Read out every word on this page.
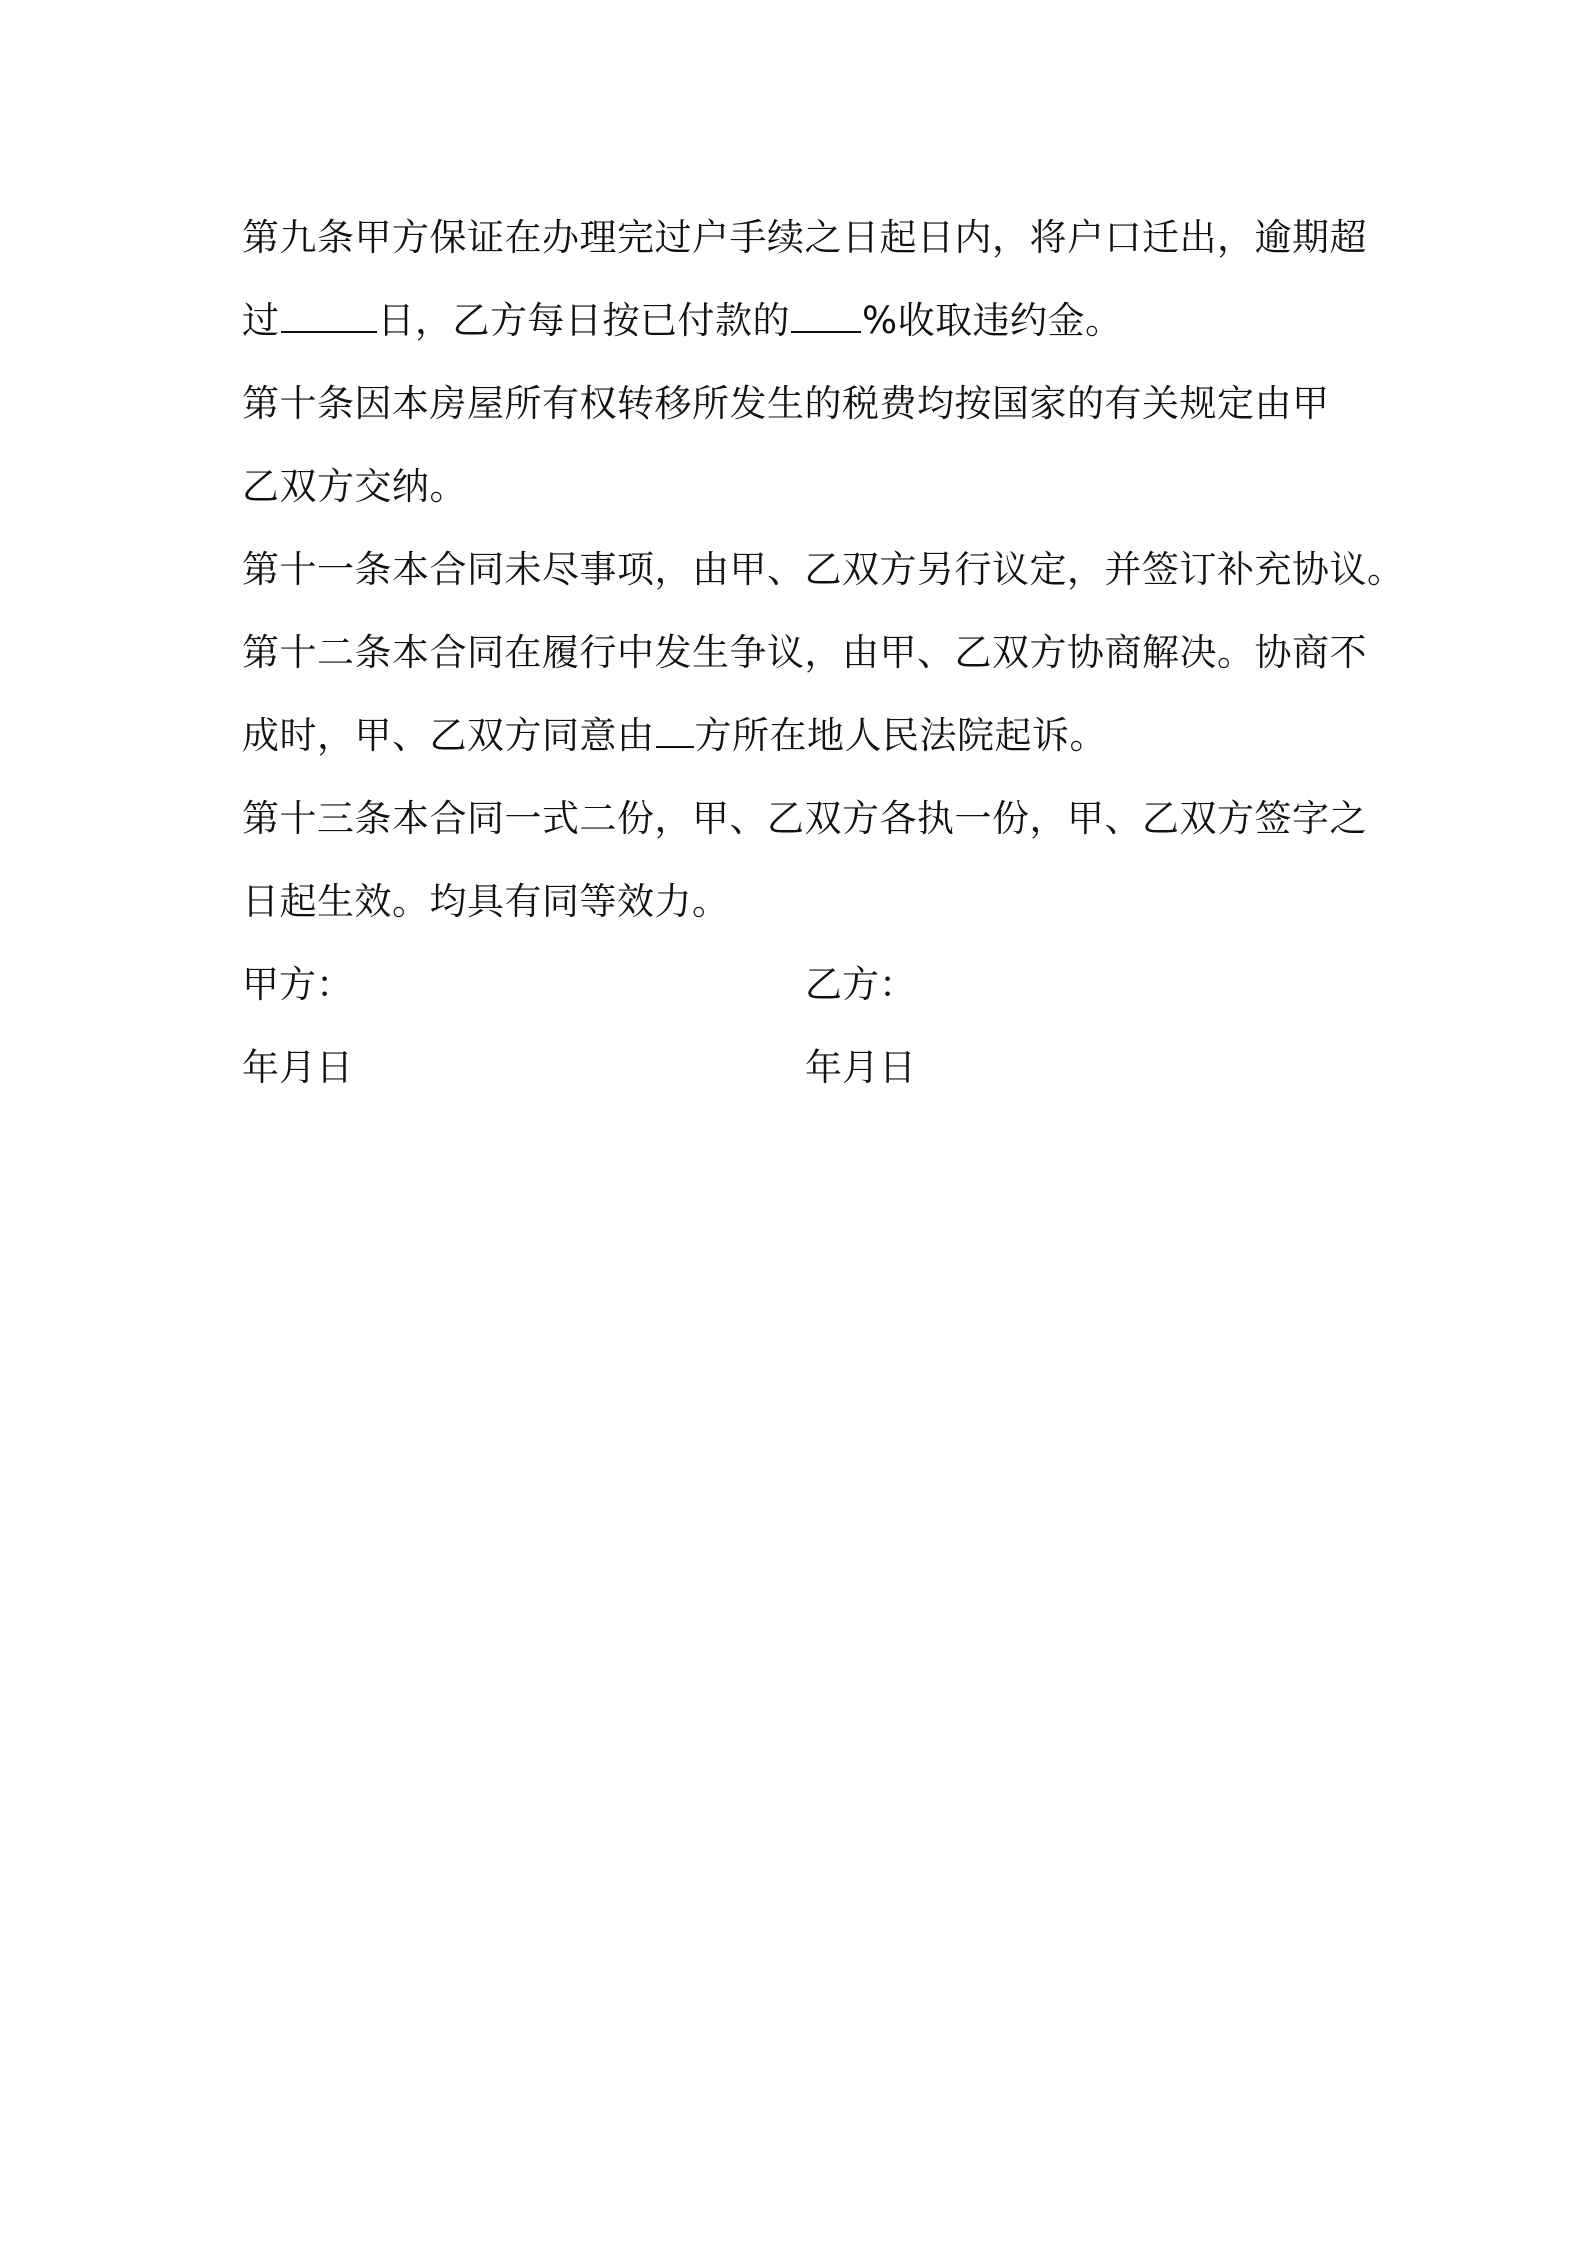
第九条甲方保证在办理完过户手续之日起日内，将户口迁出，逾期超
过	日，乙方每日按已付款的 %收取违约金。
第十条因本房屋所有权转移所发生的税费均按国家的有关规定由甲
乙双方交纳。
第十一条本合同未尽事项，由甲、乙双方另行议定，并签订补充协议。
第十二条本合同在履行中发生争议，由甲、乙双方协商解决。协商不
成时，甲、乙双方同意由 方所在地人民法院起诉。
第十三条本合同一式二份，甲、乙双方各执一份，甲、乙双方签字之
日起生效。均具有同等效力。
甲方：	乙方：
年月日	年月日
